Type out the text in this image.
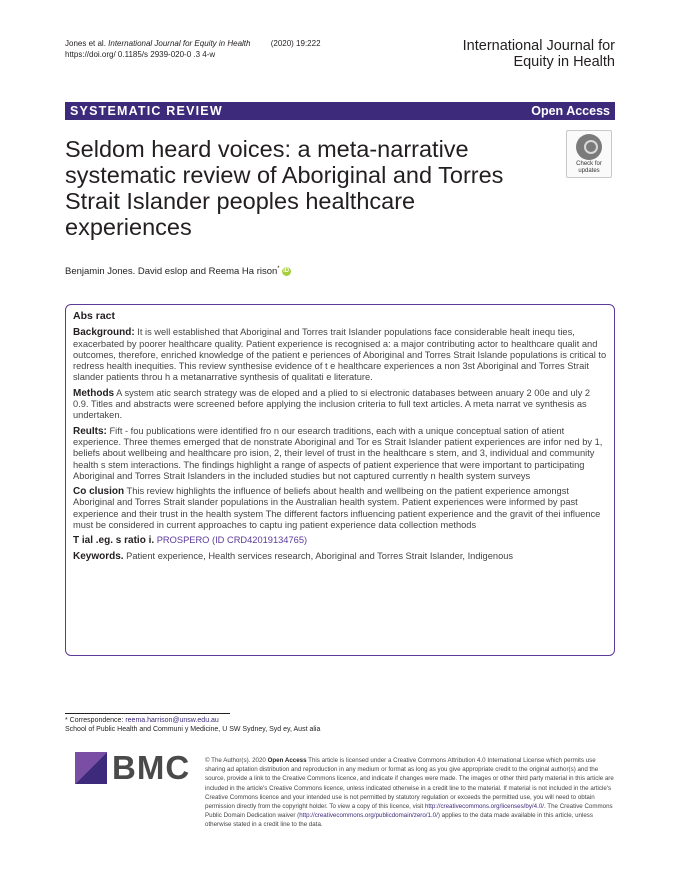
Jones et al. International Journal for Equity in Health	(2020) 19:222
https://doi.org/ 0.1185/s 2939-020-0 .3 4-w
International Journal for
Equity in Health
SYSTEMATIC REVIEW	Open Access
Seldom heard voices: a meta-narrative systematic review of Aboriginal and Torres Strait Islander peoples healthcare experiences
Check for
updates
Benjamin Jones. David eslop and Reema Ha rison* iD
Abs ract

Background: It is well established that Aboriginal and Torres trait Islander populations face considerable healt inequ ties, exacerbated by poorer healthcare quality. Patient experience is recognised a: a major contributing actor to healthcare qualit and outcomes, therefore, enriched knowledge of the patient e periences of Aboriginal and Torres Strait Islande populations is critical to redress health inequities. This review synthesise evidence of t e healthcare experiences a non 3st Aboriginal and Torres Strait slander patients throu h a metanarrative synthesis of qualitati e literature.

Methods A system atic search strategy was de eloped and a plied to si electronic databases between anuary 2 00e and uly 2 0.9. Titles and abstracts were screened before applying the inclusion criteria to full text articles. A meta narrat ve synthesis as undertaken.

ReuIts: Fift - fou publications were identified fro n our esearch traditions, each with a unique conceptual sation of atient experience. Three themes emerged that de nonstrate Aboriginal and Tor es Strait Islander patient experiences are infor ned by 1, beliefs about wellbeing and healthcare pro ision, 2, their level of trust in the healthcare s stem, and 3, individual and community health s stem interactions. The findings highlight a range of aspects of patient experience that were important to participating Aboriginal and Torres Strait Islanders in the included studies but not captured currently n health system surveys

Co clusion This review highlights the influence of beliefs about health and wellbeing on the patient experience amongst Aboriginal and Torres Strait slander populations in the Australian health system. Patient experiences were informed by past experience and their trust in the health system The different factors influencing patient experience and the gravit of thei influence must be considered in current approaches to captu ing patient experience data collection methods

T ial .eg. s ratio i. PROSPERO (ID CRD42019134765)

Keywords. Patient experience, Health services research, Aboriginal and Torres Strait Islander, Indigenous

* Correspondence: reema.harrison@unsw.edu.au
School of Public Health and Communi y Medicine, U SW Sydney, Syd ey, Aust alia
BMC © The Author(s). 2020 Open Access This article is licensed under a Creative Commons Attribution 4.0 International License which permits use sharing ad aptation distribution and reproduction in any medium or format as long as you give appropriate credit to the original author(s) and the source, provide a link to the Creative Commons licence, and indicate if changes were made. The images or other third party material in this article are included in the article's Creative Commons licence, unless indicated otherwise in a credit line to the material. If material is not included in the article's Creative Commons licence and your intended use is not permitted by statutory regulation or exceeds the permitted use, you will need to obtain permission directly from the copyright holder. To view a copy of this licence, visit http://creativecommons.org/licenses/by/4.0/. The Creative Commons Public Domain Dedication waiver (http://creativecommons.org/publicdomain/zero/1.0/) applies to the data made available in this article, unless otherwise stated in a credit line to the data.
